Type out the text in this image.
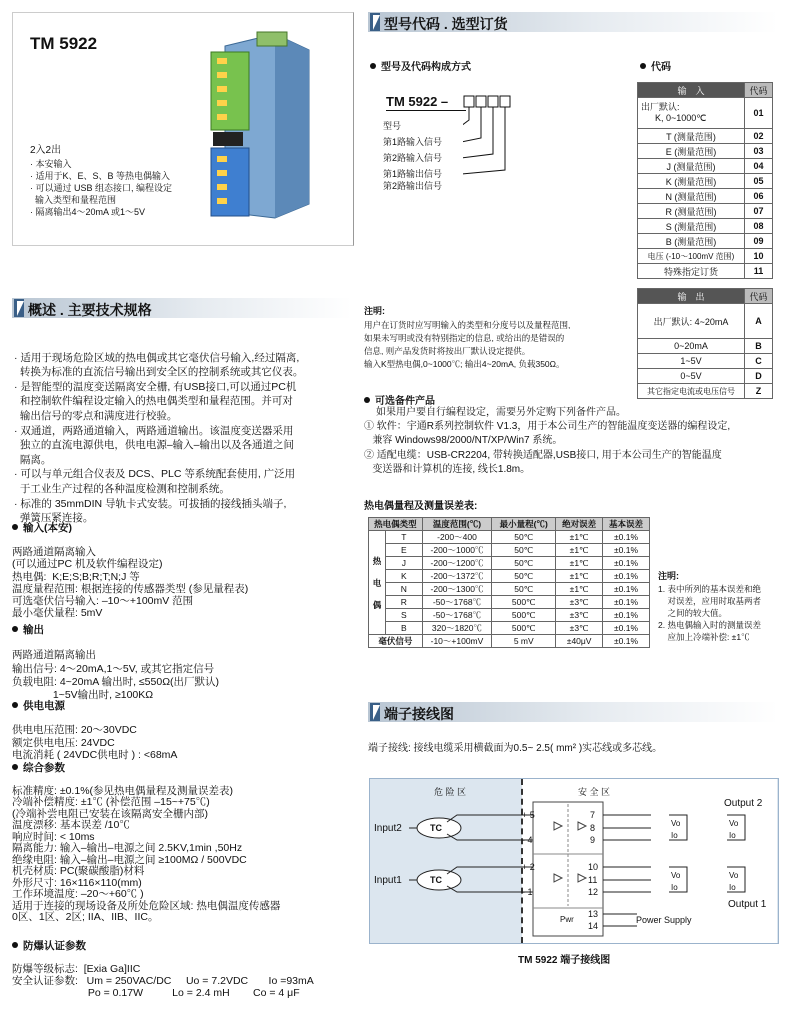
TM 5922
2入2出
· 本安输入
· 适用于K、E、S、B 等热电偶输入
· 可以通过 USB 组态接口, 编程设定
输入类型和量程范围
· 隔离输出4～20mA 或1～5V
型号代码 . 选型订货
型号及代码构成方式	代码
TM 5922 –
型号
第1路输入信号
第2路输入信号
第1路输出信号
第2路输出信号
输　入	代码
出厂默认:
K, 0~1000℃	01
T (测量范围)	02
E (测量范围)	03
J (测量范围)	04
K (测量范围)	05
N (测量范围)	06
R (测量范围)	07
S (测量范围)	08
B (测量范围)	09
电压 (-10～100mV 范围)	10
特殊指定订货	11
输　出	代码
出厂默认: 4~20mA	A
0~20mA	B
1~5V	C
0~5V	D
其它指定电流或电压信号	Z
注明:
用户在订货时应写明输入的类型和分度号以及量程范围,
如果未写明或没有特别指定的信息, 或给出的是错误的
信息, 则产品发货时将按出厂默认设定提供。
输入K型热电偶,0~1000℃; 输出4~20mA, 负载350Ω。
可选备件产品
如果用户要自行编程设定，需要另外定购下列备件产品。
① 软件：宇通R系列控制软件 V1.3，用于本公司生产的智能温度变送器的编程设定,
兼容 Windows98/2000/NT/XP/Win7 系统。
② 适配电缆：USB-CR2204, 带转换适配器,USB接口, 用于本公司生产的智能温度
变送器和计算机的连接, 线长1.8m。
热电偶量程及测量误差表:
热电偶类型		温度范围(℃)	最小量程(℃)	绝对误差	基本误差
热
电
偶	T	-200～400	50℃	±1℃	±0.1%
	E	-200～1000℃	50℃	±1℃	±0.1%
	J	-200～1200℃	50℃	±1℃	±0.1%
	K	-200～1372℃	50℃	±1℃	±0.1%
	N	-200～1300℃	50℃	±1℃	±0.1%
	R	-50～1768℃	500℃	±3℃	±0.1%
	S	-50～1768℃	500℃	±3℃	±0.1%
	B	320～1820℃	500℃	±3℃	±0.1%
毫伏信号		-10～+100mV	5 mV	±40μV	±0.1%
注明:
1. 表中所列的基本误差和绝
对误差，应用时取基两者
之间的较大值。
2. 热电偶输入时的测量误差
应加上冷端补偿: ±1℃
概述 . 主要技术规格

· 适用于现场危险区域的热电偶或其它毫伏信号输入,经过隔离,
转换为标准的直流信号输出到安全区的控制系统或其它仪表。
· 是智能型的温度变送隔离安全栅, 有USB接口,可以通过PC机
和控制软件编程设定输入的热电偶类型和量程范围。并可对
输出信号的零点和满度进行校验。
· 双通道，两路通道输入，两路通道输出。该温度变送器采用
独立的直流电源供电，供电电源–输入–输出以及各通道之间
隔离。
· 可以与单元组合仪表及 DCS、PLC 等系统配套使用, 广泛用
于工业生产过程的各种温度检测和控制系统。
· 标准的 35mmDIN 导轨卡式安装。可拔插的接线插头端子,
弹簧压紧连接。

输入(本安)

两路通道隔离输入
(可以通过PC 机及软件编程设定)
热电偶:  K;E;S;B;R;T;N;J 等
温度量程范围: 根据连接的传感器类型 (参见量程表)
可选毫伏信号输入: –10～+100mV 范围
最小毫伏量程: 5mV

输出

两路通道隔离输出
输出信号: 4～20mA,1～5V, 或其它指定信号
负载电阻: 4~20mA 输出时, ≤550Ω(出厂默认)
1~5V输出时, ≥100KΩ

供电电源

供电电压范围: 20～30VDC
额定供电电压: 24VDC
电流消耗 ( 24VDC供电时 ) : <68mA

综合参数

标准精度: ±0.1%(参见热电偶量程及测量误差表)
冷端补偿精度: ±1℃ (补偿范围 –15~+75℃)
(冷端补尝电阻已安装在该隔离安全栅内部)
温度漂移: 基本误差 /10℃
响应时间: < 10ms
隔离能力: 输入–输出–电源之间 2.5KV,1min ,50Hz
绝缘电阻: 输入–输出–电源之间 ≥100MΩ / 500VDC
机壳材质: PC(聚碳酸脂)材料
外形尺寸: 16×116×110(mm)
工作环境温度: –20～+60℃ )
适用于连接的现场设备及所处危险区域: 热电偶温度传感器
0区、1区、2区; IIA、IIB、IIC。

防爆认证参数

防爆等级标志:  [Exia Ga]IIC
安全认证参数:   Um = 250VAC/DC     Uo = 7.2VDC       Io =93mA
Po = 0.17W          Lo = 2.4 mH        Co = 4 μF

端子接线图
端子接线: 接线电缆采用横截面为0.5~ 2.5( mm² )实芯线或多芯线。
危 险 区	安 全 区
Input2
Input1
TC
TC
+ 5
- 4
+ 2
- 1
7
8
9
10
11
12
13
14
Pwr	Power Supply
Vo
Io
Vo
Io
Vo
Io
Vo
Io
Output 2
Output 1
TM 5922 端子接线图
